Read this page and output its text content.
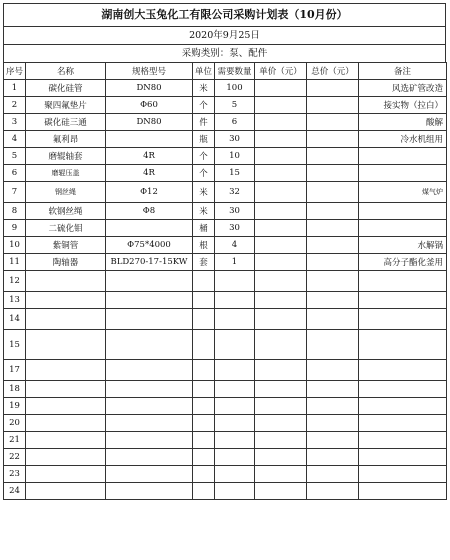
湖南创大玉兔化工有限公司采购计划表（10月份）
2020年9月25日
采购类别：泵、配件
序号	名称	规格型号	单位	需要数量	单价（元）	总价（元）	备注
1	碳化硅管	DN80	米	100			风选矿管改造
2	聚四氟垫片	Φ60	个	5			接实物（拉白）
3	碳化硅三通	DN80	件	6			酸解
4	氟利昂		瓶	30			冷水机组用
5	磨辊轴套	4R	个	10			
6	磨辊压盖	4R	个	15			
7	钢丝绳	Φ12	米	32			煤气炉
8	软钢丝绳	Φ8	米	30			
9	二硫化钼		桶	30			
10	紫铜管	Φ75*4000	根	4			水解锅
11	陶轴器	BLD270-17-15KW	套	1			高分子酯化釜用
12							
13							
14							
15							
17							
18							
19							
20							
21							
22							
23							
24							
